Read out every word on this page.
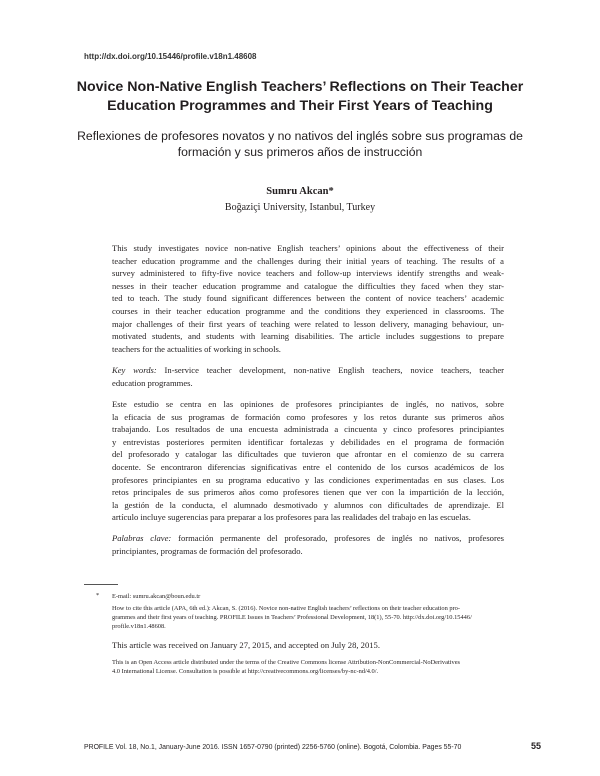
http://dx.doi.org/10.15446/profile.v18n1.48608
Novice Non-Native English Teachers’ Reflections on Their Teacher
Education Programmes and Their First Years of Teaching
Reflexiones de profesores novatos y no nativos del inglés sobre sus programas de
formación y sus primeros años de instrucción
Sumru Akcan*
Boğaziçi University, Istanbul, Turkey
This study investigates novice non-native English teachers’ opinions about the effectiveness of their
teacher education programme and the challenges during their initial years of teaching. The results of a
survey administered to fifty-five novice teachers and follow-up interviews identify strengths and weak-
nesses in their teacher education programme and catalogue the difficulties they faced when they star-
ted to teach. The study found significant differences between the content of novice teachers’ academic
courses in their teacher education programme and the conditions they experienced in classrooms. The
major challenges of their first years of teaching were related to lesson delivery, managing behaviour, un-
motivated students, and students with learning disabilities. The article includes suggestions to prepare
teachers for the actualities of working in schools.
Key words: In-service teacher development, non-native English teachers, novice teachers, teacher
education programmes.
Este estudio se centra en las opiniones de profesores principiantes de inglés, no nativos, sobre
la eficacia de sus programas de formación como profesores y los retos durante sus primeros años
trabajando. Los resultados de una encuesta administrada a cincuenta y cinco profesores principiantes
y entrevistas posteriores permiten identificar fortalezas y debilidades en el programa de formación
del profesorado y catalogar las dificultades que tuvieron que afrontar en el comienzo de su carrera
docente. Se encontraron diferencias significativas entre el contenido de los cursos académicos de los
profesores principiantes en su programa educativo y las condiciones experimentadas en sus clases. Los
retos principales de sus primeros años como profesores tienen que ver con la impartición de la lección,
la gestión de la conducta, el alumnado desmotivado y alumnos con dificultades de aprendizaje. El
artículo incluye sugerencias para preparar a los profesores para las realidades del trabajo en las escuelas.
Palabras clave: formación permanente del profesorado, profesores de inglés no nativos, profesores
principiantes, programas de formación del profesorado.
* E-mail: sumru.akcan@boun.edu.tr
How to cite this article (APA, 6th ed.): Akcan, S. (2016). Novice non-native English teachers’ reflections on their teacher education pro-
grammes and their first years of teaching. PROFILE Issues in Teachers’ Professional Development, 18(1), 55-70. http://dx.doi.org/10.15446/
profile.v18n1.48608.
This article was received on January 27, 2015, and accepted on July 28, 2015.
This is an Open Access article distributed under the terms of the Creative Commons license Attribution-NonCommercial-NoDerivatives
4.0 International License. Consultation is possible at http://creativecommons.org/licenses/by-nc-nd/4.0/.
PROFILE Vol. 18, No.1, January-June 2016. ISSN 1657-0790 (printed) 2256-5760 (online). Bogotá, Colombia. Pages 55-70	55
